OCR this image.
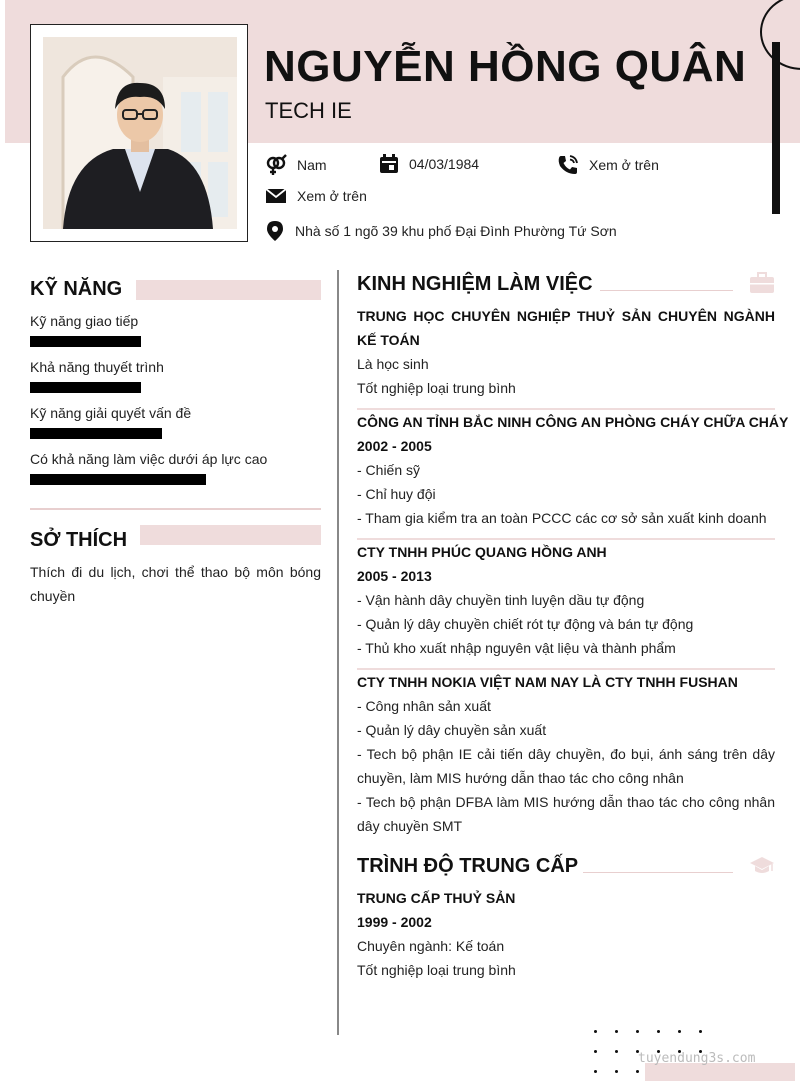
NGUYỄN HỒNG QUÂN
TECH IE
Nam	04/03/1984	Xem ở trên
Xem ở trên
Nhà số 1 ngõ 39 khu phố Đại Đình Phường Tứ Sơn
KỸ NĂNG
Kỹ năng giao tiếp
Khả năng thuyết trình
Kỹ năng giải quyết vấn đề
Có khả năng làm việc dưới áp lực cao
SỞ THÍCH
Thích đi du lịch, chơi thể thao bộ môn bóng chuyền
KINH NGHIỆM LÀM VIỆC
TRUNG HỌC CHUYÊN NGHIỆP THUỶ SẢN CHUYÊN NGÀNH KẾ TOÁN
Là học sinh
Tốt nghiệp loại trung bình
CÔNG AN TỈNH BẮC NINH CÔNG AN PHÒNG CHÁY CHỮA CHÁY
2002 - 2005
- Chiến sỹ
- Chỉ huy đội
- Tham gia kiểm tra an toàn PCCC các cơ sở sản xuất kinh doanh
CTY TNHH PHÚC QUANG HỒNG ANH
2005 - 2013
- Vận hành dây chuyền tinh luyện dầu tự động
- Quản lý dây chuyền chiết rót tự động và bán tự động
- Thủ kho xuất nhập nguyên vật liệu và thành phẩm
CTY TNHH NOKIA VIỆT NAM NAY LÀ CTY TNHH FUSHAN
- Công nhân sản xuất
- Quản lý dây chuyền sản xuất
- Tech bộ phận IE cải tiến dây chuyền, đo bụi, ánh sáng trên dây chuyền, làm MIS hướng dẫn thao tác cho công nhân
- Tech bộ phận DFBA làm MIS hướng dẫn thao tác cho công nhân dây chuyền SMT
TRÌNH ĐỘ TRUNG CẤP
TRUNG CẤP THUỶ SẢN
1999 - 2002
Chuyên ngành: Kế toán
Tốt nghiệp loại trung bình
tuyendung3s.com
